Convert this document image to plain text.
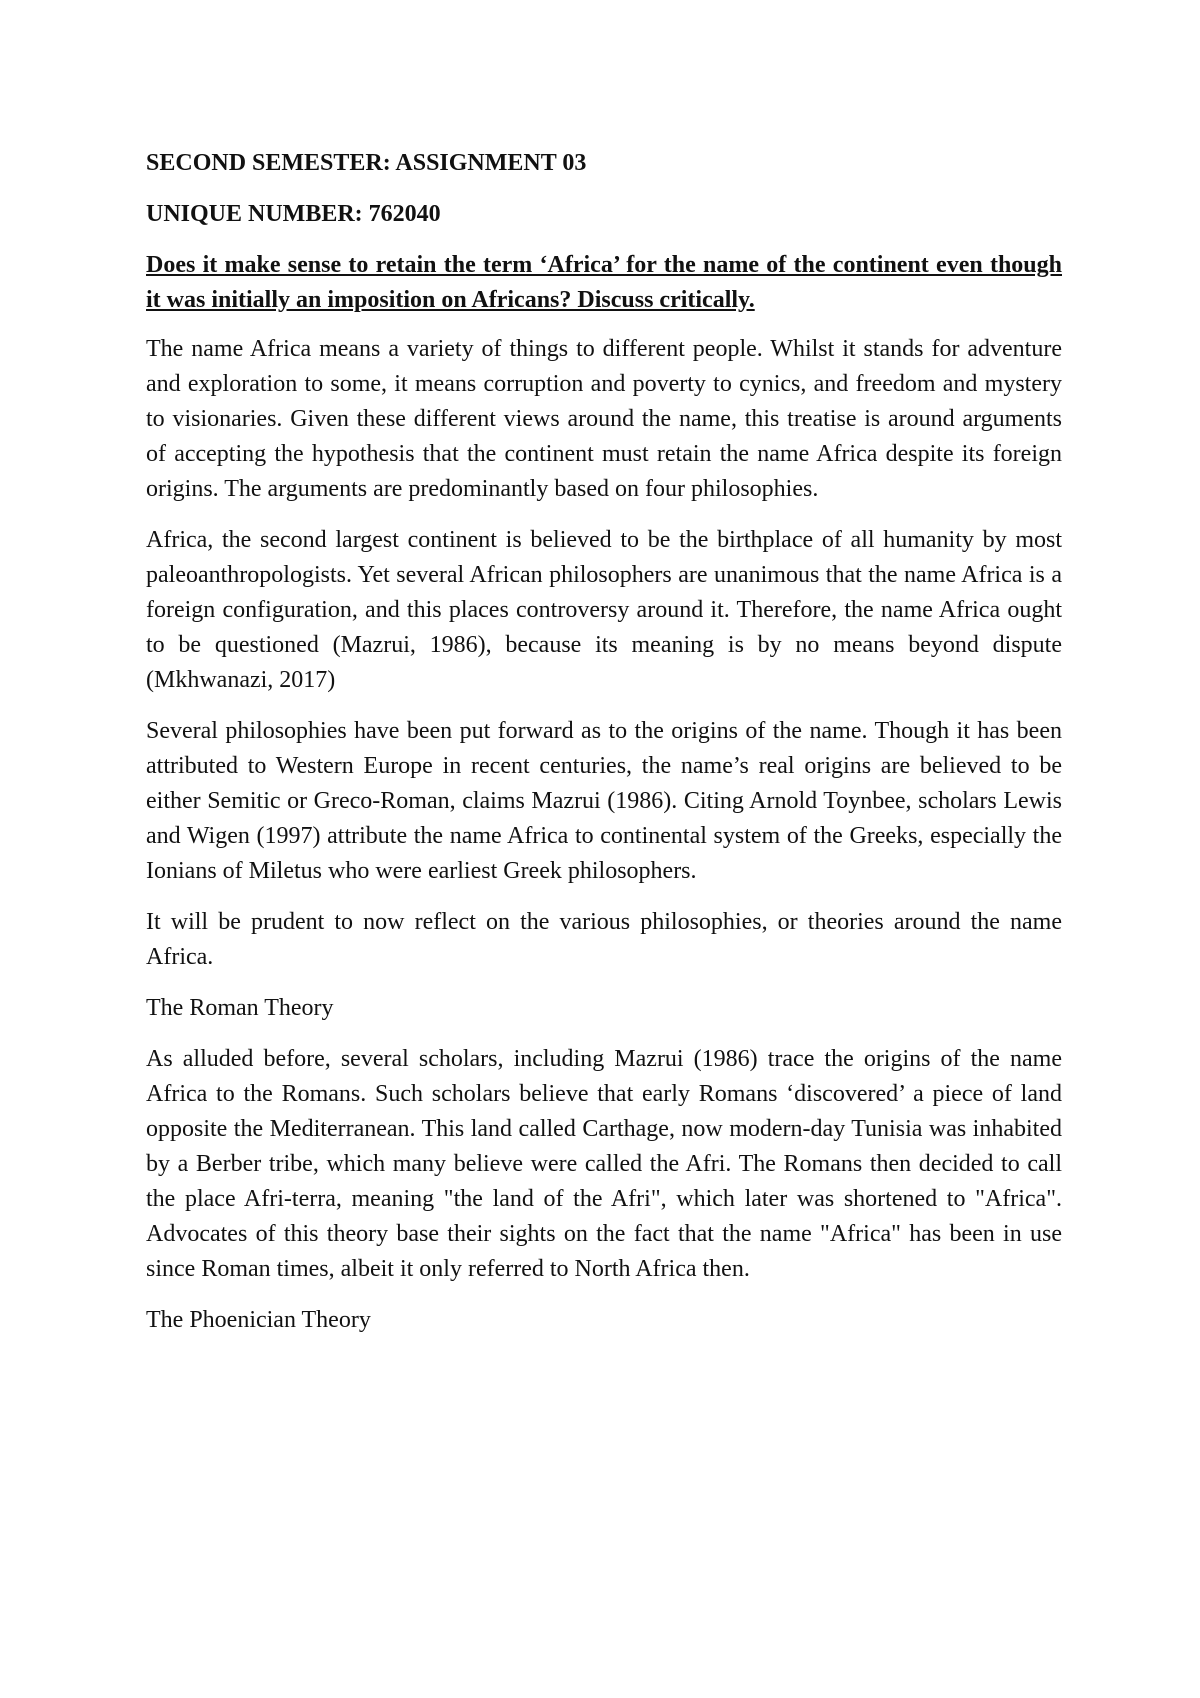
SECOND SEMESTER: ASSIGNMENT 03
UNIQUE NUMBER: 762040
Does it make sense to retain the term ‘Africa’ for the name of the continent even though it was initially an imposition on Africans? Discuss critically.

The name Africa means a variety of things to different people. Whilst it stands for adventure and exploration to some, it means corruption and poverty to cynics, and freedom and mystery to visionaries. Given these different views around the name, this treatise is around arguments of accepting the hypothesis that the continent must retain the name Africa despite its foreign origins. The arguments are predominantly based on four philosophies.

Africa, the second largest continent is believed to be the birthplace of all humanity by most paleoanthropologists. Yet several African philosophers are unanimous that the name Africa is a foreign configuration, and this places controversy around it. Therefore, the name Africa ought to be questioned (Mazrui, 1986), because its meaning is by no means beyond dispute (Mkhwanazi, 2017)

Several philosophies have been put forward as to the origins of the name. Though it has been attributed to Western Europe in recent centuries, the name’s real origins are believed to be either Semitic or Greco-Roman, claims Mazrui (1986). Citing Arnold Toynbee, scholars Lewis and Wigen (1997) attribute the name Africa to continental system of the Greeks, especially the Ionians of Miletus who were earliest Greek philosophers.

It will be prudent to now reflect on the various philosophies, or theories around the name Africa.

The Roman Theory

As alluded before, several scholars, including Mazrui (1986) trace the origins of the name Africa to the Romans. Such scholars believe that early Romans ‘discovered’ a piece of land opposite the Mediterranean. This land called Carthage, now modern-day Tunisia was inhabited by a Berber tribe, which many believe were called the Afri. The Romans then decided to call the place Afri-terra, meaning "the land of the Afri", which later was shortened to "Africa". Advocates of this theory base their sights on the fact that the name "Africa" has been in use since Roman times, albeit it only referred to North Africa then.

The Phoenician Theory
